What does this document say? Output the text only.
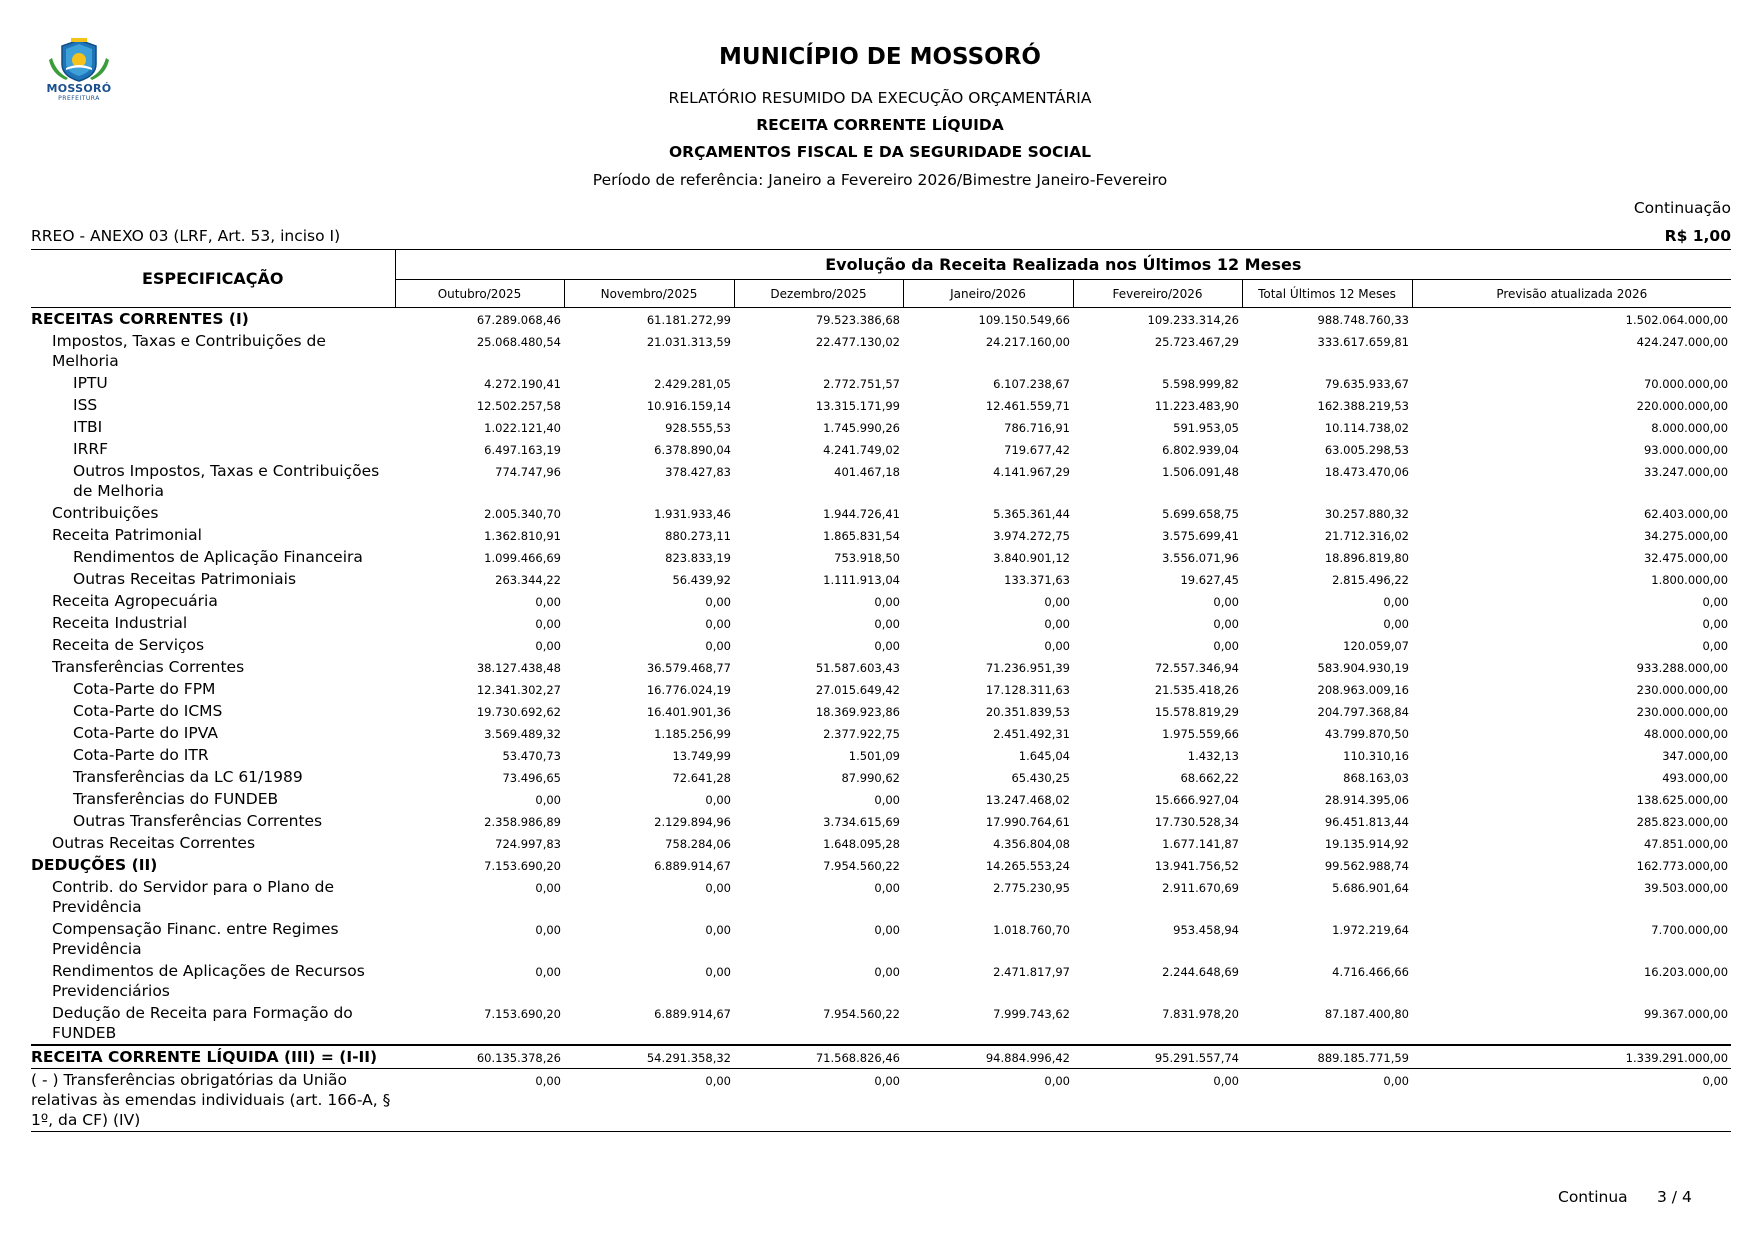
MOSSORÓ
PREFEITURA
MUNICÍPIO DE MOSSORÓ
RELATÓRIO RESUMIDO DA EXECUÇÃO ORÇAMENTÁRIA
RECEITA CORRENTE LÍQUIDA
ORÇAMENTOS FISCAL E DA SEGURIDADE SOCIAL
Período de referência: Janeiro a Fevereiro 2026/Bimestre Janeiro-Fevereiro
Continuação
RREO - ANEXO 03 (LRF, Art. 53, inciso I)	R$ 1,00
ESPECIFICAÇÃO	Evolução da Receita Realizada nos Últimos 12 Meses						
	Outubro/2025	Novembro/2025	Dezembro/2025	Janeiro/2026	Fevereiro/2026	Total Últimos 12 Meses	Previsão atualizada 2026
RECEITAS CORRENTES (I)	67.289.068,46	61.181.272,99	79.523.386,68	109.150.549,66	109.233.314,26	988.748.760,33	1.502.064.000,00
Impostos, Taxas e Contribuições de Melhoria	25.068.480,54	21.031.313,59	22.477.130,02	24.217.160,00	25.723.467,29	333.617.659,81	424.247.000,00
IPTU	4.272.190,41	2.429.281,05	2.772.751,57	6.107.238,67	5.598.999,82	79.635.933,67	70.000.000,00
ISS	12.502.257,58	10.916.159,14	13.315.171,99	12.461.559,71	11.223.483,90	162.388.219,53	220.000.000,00
ITBI	1.022.121,40	928.555,53	1.745.990,26	786.716,91	591.953,05	10.114.738,02	8.000.000,00
IRRF	6.497.163,19	6.378.890,04	4.241.749,02	719.677,42	6.802.939,04	63.005.298,53	93.000.000,00
Outros Impostos, Taxas e Contribuições de Melhoria	774.747,96	378.427,83	401.467,18	4.141.967,29	1.506.091,48	18.473.470,06	33.247.000,00
Contribuições	2.005.340,70	1.931.933,46	1.944.726,41	5.365.361,44	5.699.658,75	30.257.880,32	62.403.000,00
Receita Patrimonial	1.362.810,91	880.273,11	1.865.831,54	3.974.272,75	3.575.699,41	21.712.316,02	34.275.000,00
Rendimentos de Aplicação Financeira	1.099.466,69	823.833,19	753.918,50	3.840.901,12	3.556.071,96	18.896.819,80	32.475.000,00
Outras Receitas Patrimoniais	263.344,22	56.439,92	1.111.913,04	133.371,63	19.627,45	2.815.496,22	1.800.000,00
Receita Agropecuária	0,00	0,00	0,00	0,00	0,00	0,00	0,00
Receita Industrial	0,00	0,00	0,00	0,00	0,00	0,00	0,00
Receita de Serviços	0,00	0,00	0,00	0,00	0,00	120.059,07	0,00
Transferências Correntes	38.127.438,48	36.579.468,77	51.587.603,43	71.236.951,39	72.557.346,94	583.904.930,19	933.288.000,00
Cota-Parte do FPM	12.341.302,27	16.776.024,19	27.015.649,42	17.128.311,63	21.535.418,26	208.963.009,16	230.000.000,00
Cota-Parte do ICMS	19.730.692,62	16.401.901,36	18.369.923,86	20.351.839,53	15.578.819,29	204.797.368,84	230.000.000,00
Cota-Parte do IPVA	3.569.489,32	1.185.256,99	2.377.922,75	2.451.492,31	1.975.559,66	43.799.870,50	48.000.000,00
Cota-Parte do ITR	53.470,73	13.749,99	1.501,09	1.645,04	1.432,13	110.310,16	347.000,00
Transferências da LC 61/1989	73.496,65	72.641,28	87.990,62	65.430,25	68.662,22	868.163,03	493.000,00
Transferências do FUNDEB	0,00	0,00	0,00	13.247.468,02	15.666.927,04	28.914.395,06	138.625.000,00
Outras Transferências Correntes	2.358.986,89	2.129.894,96	3.734.615,69	17.990.764,61	17.730.528,34	96.451.813,44	285.823.000,00
Outras Receitas Correntes	724.997,83	758.284,06	1.648.095,28	4.356.804,08	1.677.141,87	19.135.914,92	47.851.000,00
DEDUÇÕES (II)	7.153.690,20	6.889.914,67	7.954.560,22	14.265.553,24	13.941.756,52	99.562.988,74	162.773.000,00
Contrib. do Servidor para o Plano de Previdência	0,00	0,00	0,00	2.775.230,95	2.911.670,69	5.686.901,64	39.503.000,00
Compensação Financ. entre Regimes Previdência	0,00	0,00	0,00	1.018.760,70	953.458,94	1.972.219,64	7.700.000,00
Rendimentos de Aplicações de Recursos Previdenciários	0,00	0,00	0,00	2.471.817,97	2.244.648,69	4.716.466,66	16.203.000,00
Dedução de Receita para Formação do FUNDEB	7.153.690,20	6.889.914,67	7.954.560,22	7.999.743,62	7.831.978,20	87.187.400,80	99.367.000,00
RECEITA CORRENTE LÍQUIDA (III) = (I-II)	60.135.378,26	54.291.358,32	71.568.826,46	94.884.996,42	95.291.557,74	889.185.771,59	1.339.291.000,00
( - ) Transferências obrigatórias da União relativas às emendas individuais (art. 166-A, § 1º, da CF) (IV)	0,00	0,00	0,00	0,00	0,00	0,00	0,00
Continua 3 / 4
